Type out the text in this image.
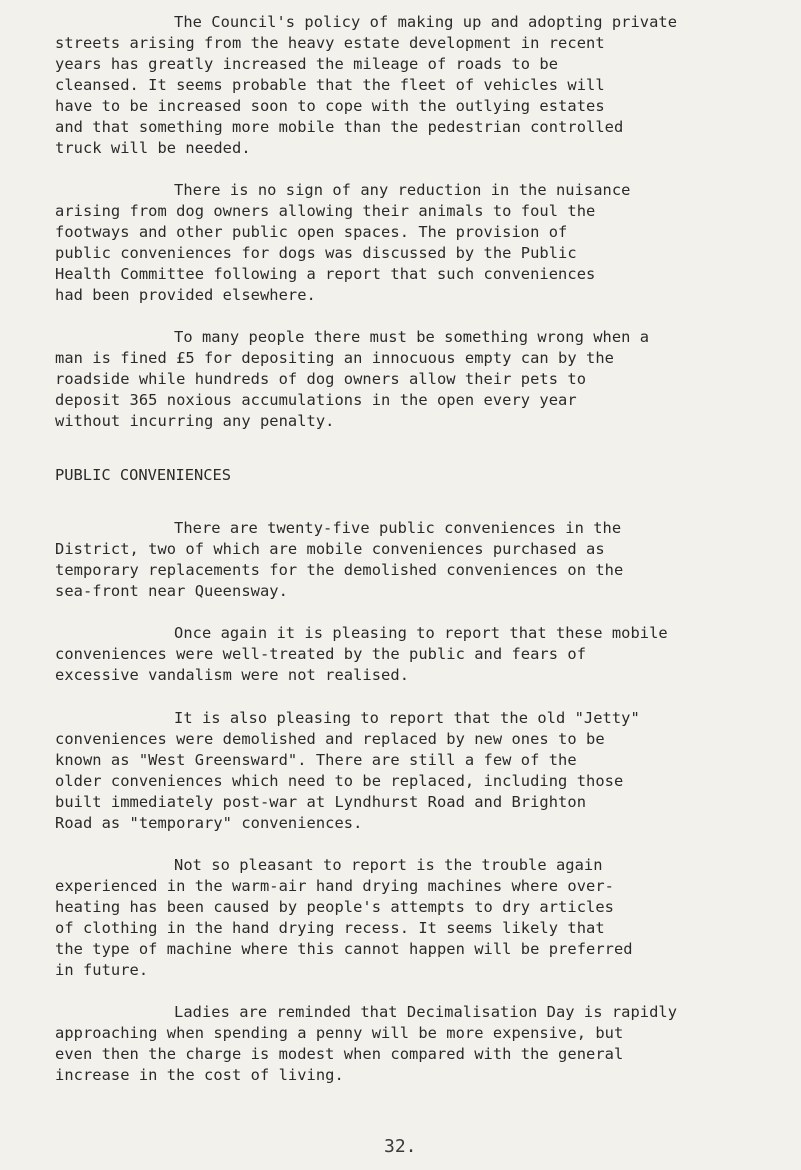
The Council's policy of making up and adopting private
streets arising from the heavy estate development in recent
years has greatly increased the mileage of roads to be
cleansed. It seems probable that the fleet of vehicles will
have to be increased soon to cope with the outlying estates
and that something more mobile than the pedestrian controlled
truck will be needed.
There is no sign of any reduction in the nuisance
arising from dog owners allowing their animals to foul the
footways and other public open spaces. The provision of
public conveniences for dogs was discussed by the Public
Health Committee following a report that such conveniences
had been provided elsewhere.
To many people there must be something wrong when a
man is fined £5 for depositing an innocuous empty can by the
roadside while hundreds of dog owners allow their pets to
deposit 365 noxious accumulations in the open every year
without incurring any penalty.
PUBLIC CONVENIENCES
There are twenty-five public conveniences in the
District, two of which are mobile conveniences purchased as
temporary replacements for the demolished conveniences on the
sea-front near Queensway.
Once again it is pleasing to report that these mobile
conveniences were well-treated by the public and fears of
excessive vandalism were not realised.
It is also pleasing to report that the old "Jetty"
conveniences were demolished and replaced by new ones to be
known as "West Greensward". There are still a few of the
older conveniences which need to be replaced, including those
built immediately post-war at Lyndhurst Road and Brighton
Road as "temporary" conveniences.
Not so pleasant to report is the trouble again
experienced in the warm-air hand drying machines where over-
heating has been caused by people's attempts to dry articles
of clothing in the hand drying recess. It seems likely that
the type of machine where this cannot happen will be preferred
in future.
Ladies are reminded that Decimalisation Day is rapidly
approaching when spending a penny will be more expensive, but
even then the charge is modest when compared with the general
increase in the cost of living.
32.
